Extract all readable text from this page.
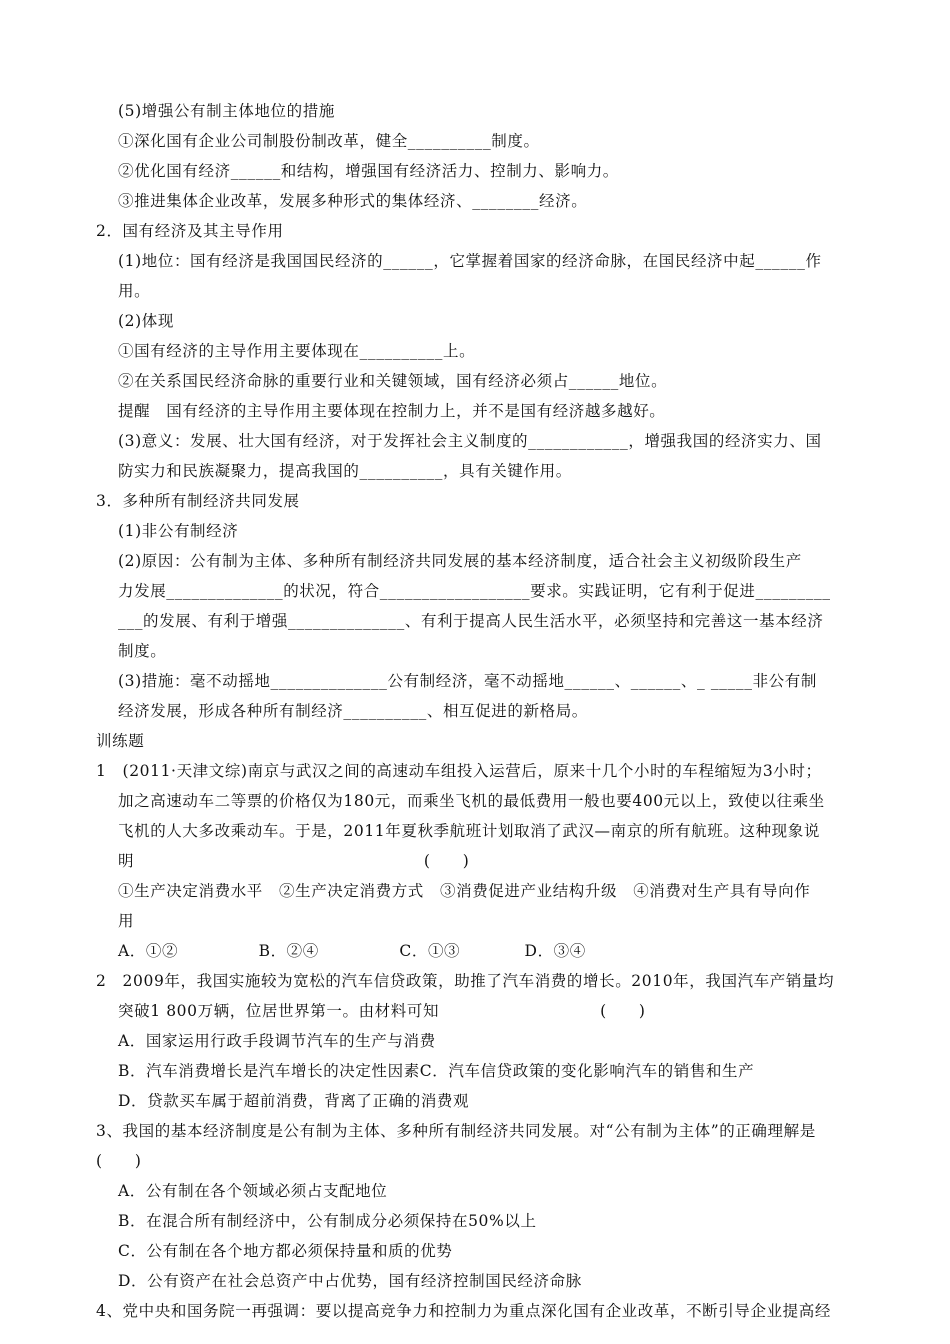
(5)增强公有制主体地位的措施
①深化国有企业公司制股份制改革，健全__________制度。
②优化国有经济______和结构，增强国有经济活力、控制力、影响力。
③推进集体企业改革，发展多种形式的集体经济、________经济。
2．国有经济及其主导作用
(1)地位：国有经济是我国国民经济的______，它掌握着国家的经济命脉，在国民经济中起______作
用。
(2)体现
①国有经济的主导作用主要体现在__________上。
②在关系国民经济命脉的重要行业和关键领域，国有经济必须占______地位。
提醒　国有经济的主导作用主要体现在控制力上，并不是国有经济越多越好。
(3)意义：发展、壮大国有经济，对于发挥社会主义制度的____________，增强我国的经济实力、国
防实力和民族凝聚力，提高我国的__________，具有关键作用。
3．多种所有制经济共同发展
(1)非公有制经济
(2)原因：公有制为主体、多种所有制经济共同发展的基本经济制度，适合社会主义初级阶段生产
力发展______________的状况，符合__________________要求。实践证明，它有利于促进_________
___的发展、有利于增强______________、有利于提高人民生活水平，必须坚持和完善这一基本经济
制度。
(3)措施：毫不动摇地______________公有制经济，毫不动摇地______、______、_ _____非公有制
经济发展，形成各种所有制经济__________、相互促进的新格局。
训练题
1　(2011·天津文综)南京与武汉之间的高速动车组投入运营后，原来十几个小时的车程缩短为3小时；
加之高速动车二等票的价格仅为180元，而乘坐飞机的最低费用一般也要400元以上，致使以往乘坐
飞机的人大多改乘动车。于是，2011年夏秋季航班计划取消了武汉—南京的所有航班。这种现象说
明　　　　　　　　　　　　　　　　　　(　　)
①生产决定消费水平　②生产决定消费方式　③消费促进产业结构升级　④消费对生产具有导向作
用
A．①②　　　　　B．②④　　　　　C．①③　　　　D．③④
2　2009年，我国实施较为宽松的汽车信贷政策，助推了汽车消费的增长。2010年，我国汽车产销量均
突破1 800万辆，位居世界第一。由材料可知　　　　　　　　　　(　　)
A．国家运用行政手段调节汽车的生产与消费
B．汽车消费增长是汽车增长的决定性因素C．汽车信贷政策的变化影响汽车的销售和生产
D．贷款买车属于超前消费，背离了正确的消费观
3、我国的基本经济制度是公有制为主体、多种所有制经济共同发展。对“公有制为主体”的正确理解是
(　　)
A．公有制在各个领域必须占支配地位
B．在混合所有制经济中，公有制成分必须保持在50%以上
C．公有制在各个地方都必须保持量和质的优势
D．公有资产在社会总资产中占优势，国有经济控制国民经济命脉
4、党中央和国务院一再强调：要以提高竞争力和控制力为重点深化国有企业改革，不断引导企业提高经
